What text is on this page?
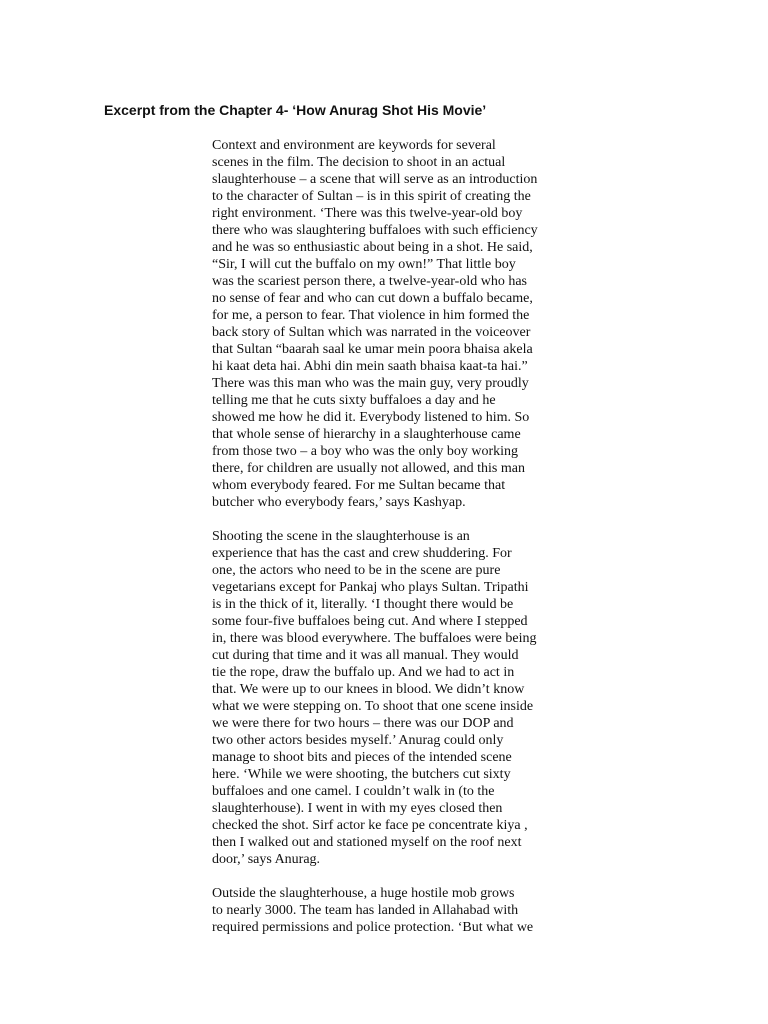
Excerpt from the Chapter 4- ‘How Anurag Shot His Movie’
Context and environment are keywords for several
scenes in the film. The decision to shoot in an actual
slaughterhouse – a scene that will serve as an introduction
to the character of Sultan – is in this spirit of creating the
right environment. ‘There was this twelve-year-old boy
there who was slaughtering buffaloes with such efficiency
and he was so enthusiastic about being in a shot. He said,
“Sir, I will cut the buffalo on my own!” That little boy
was the scariest person there, a twelve-year-old who has
no sense of fear and who can cut down a buffalo became,
for me, a person to fear. That violence in him formed the
back story of Sultan which was narrated in the voiceover
that Sultan “baarah saal ke umar mein poora bhaisa akela
hi kaat deta hai. Abhi din mein saath bhaisa kaat-ta hai.”
There was this man who was the main guy, very proudly
telling me that he cuts sixty buffaloes a day and he
showed me how he did it. Everybody listened to him. So
that whole sense of hierarchy in a slaughterhouse came
from those two – a boy who was the only boy working
there, for children are usually not allowed, and this man
whom everybody feared. For me Sultan became that
butcher who everybody fears,’ says Kashyap.
Shooting the scene in the slaughterhouse is an
experience that has the cast and crew shuddering. For
one, the actors who need to be in the scene are pure
vegetarians except for Pankaj who plays Sultan. Tripathi
is in the thick of it, literally. ‘I thought there would be
some four-five buffaloes being cut. And where I stepped
in, there was blood everywhere. The buffaloes were being
cut during that time and it was all manual. They would
tie the rope, draw the buffalo up. And we had to act in
that. We were up to our knees in blood. We didn’t know
what we were stepping on. To shoot that one scene inside
we were there for two hours – there was our DOP and
two other actors besides myself.’ Anurag could only
manage to shoot bits and pieces of the intended scene
here. ‘While we were shooting, the butchers cut sixty
buffaloes and one camel. I couldn’t walk in (to the
slaughterhouse). I went in with my eyes closed then
checked the shot. Sirf actor ke face pe concentrate kiya ,
then I walked out and stationed myself on the roof next
door,’ says Anurag.
Outside the slaughterhouse, a huge hostile mob grows
to nearly 3000. The team has landed in Allahabad with
required permissions and police protection. ‘But what we
